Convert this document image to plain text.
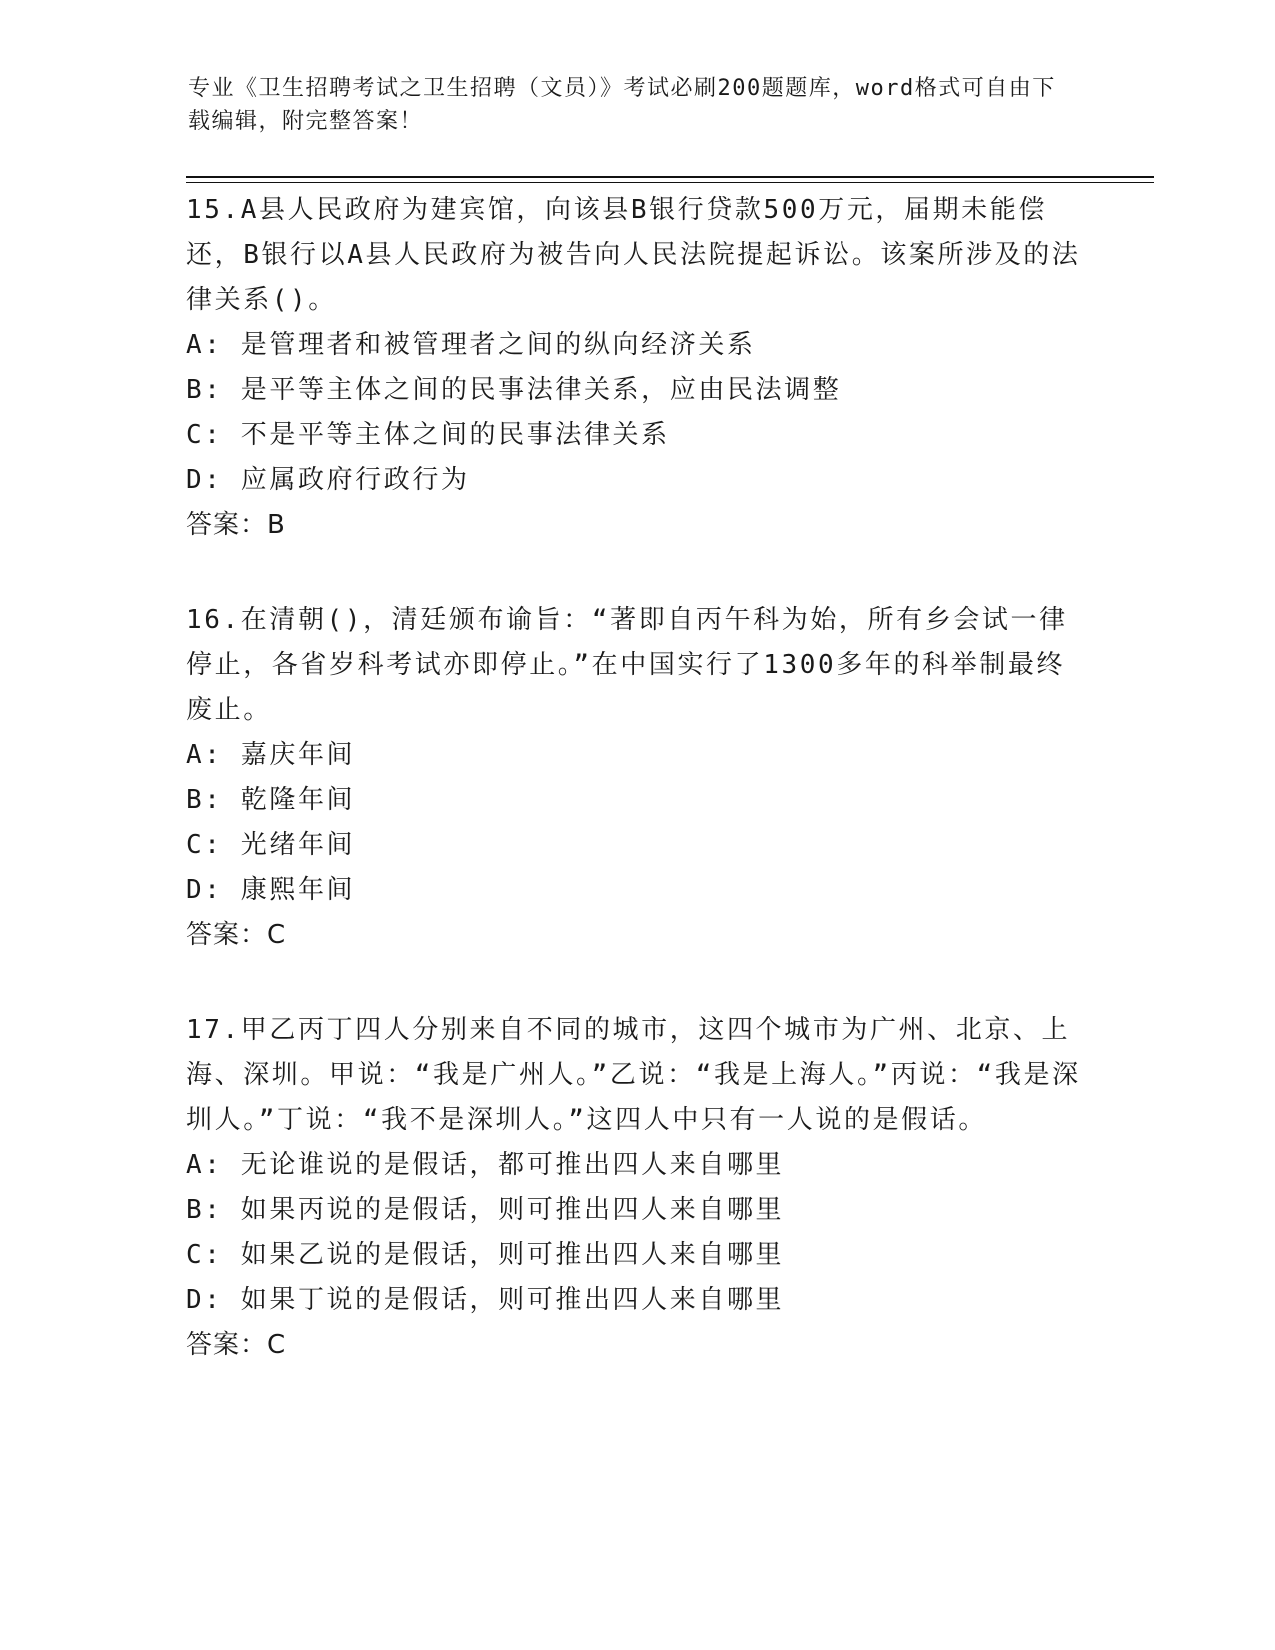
专业《卫生招聘考试之卫生招聘（文员）》考试必刷200题题库，word格式可自由下载编辑，附完整答案！
15.A县人民政府为建宾馆，向该县B银行贷款500万元，届期未能偿还，B银行以A县人民政府为被告向人民法院提起诉讼。该案所涉及的法律关系()。
A: 是管理者和被管理者之间的纵向经济关系
B: 是平等主体之间的民事法律关系，应由民法调整
C: 不是平等主体之间的民事法律关系
D: 应属政府行政行为
答案：B
16.在清朝()，清廷颁布谕旨：“著即自丙午科为始，所有乡会试一律停止，各省岁科考试亦即停止。”在中国实行了1300多年的科举制最终废止。
A: 嘉庆年间
B: 乾隆年间
C: 光绪年间
D: 康熙年间
答案：C
17.甲乙丙丁四人分别来自不同的城市，这四个城市为广州、北京、上海、深圳。甲说：“我是广州人。”乙说：“我是上海人。”丙说：“我是深圳人。”丁说：“我不是深圳人。”这四人中只有一人说的是假话。
A: 无论谁说的是假话，都可推出四人来自哪里
B: 如果丙说的是假话，则可推出四人来自哪里
C: 如果乙说的是假话，则可推出四人来自哪里
D: 如果丁说的是假话，则可推出四人来自哪里
答案：C
